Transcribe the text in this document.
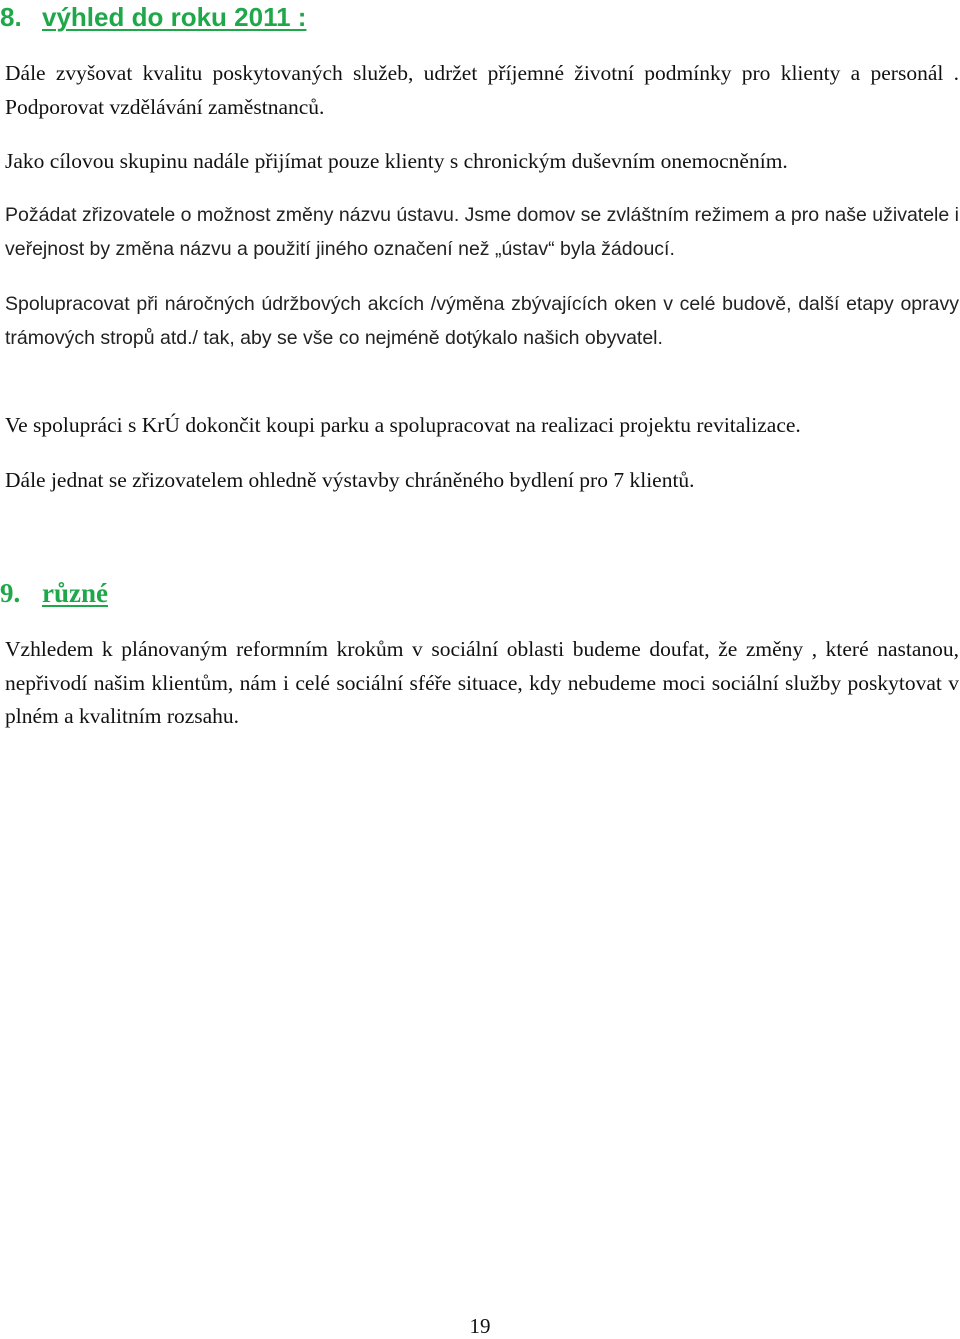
8. výhled do roku 2011 :

Dále zvyšovat kvalitu poskytovaných služeb, udržet příjemné životní podmínky pro klienty a personál . Podporovat vzdělávání zaměstnanců.

Jako cílovou skupinu nadále přijímat pouze klienty s chronickým duševním onemocněním.

Požádat zřizovatele o možnost změny názvu ústavu. Jsme domov se zvláštním režimem a pro naše uživatele i veřejnost by změna názvu a použití jiného označení než „ústav“ byla žádoucí.

Spolupracovat při náročných údržbových akcích /výměna zbývajících oken v celé budově, další etapy opravy trámových stropů atd./ tak, aby se vše co nejméně dotýkalo našich obyvatel.

Ve spolupráci s KrÚ dokončit koupi parku a spolupracovat na realizaci projektu revitalizace.

Dále jednat se zřizovatelem ohledně výstavby chráněného bydlení pro 7 klientů.

9. různé

Vzhledem k plánovaným reformním krokům v sociální oblasti budeme doufat, že změny , které nastanou, nepřivodí našim klientům, nám i celé sociální sféře situace, kdy nebudeme moci sociální služby poskytovat v plném a kvalitním rozsahu.

19
